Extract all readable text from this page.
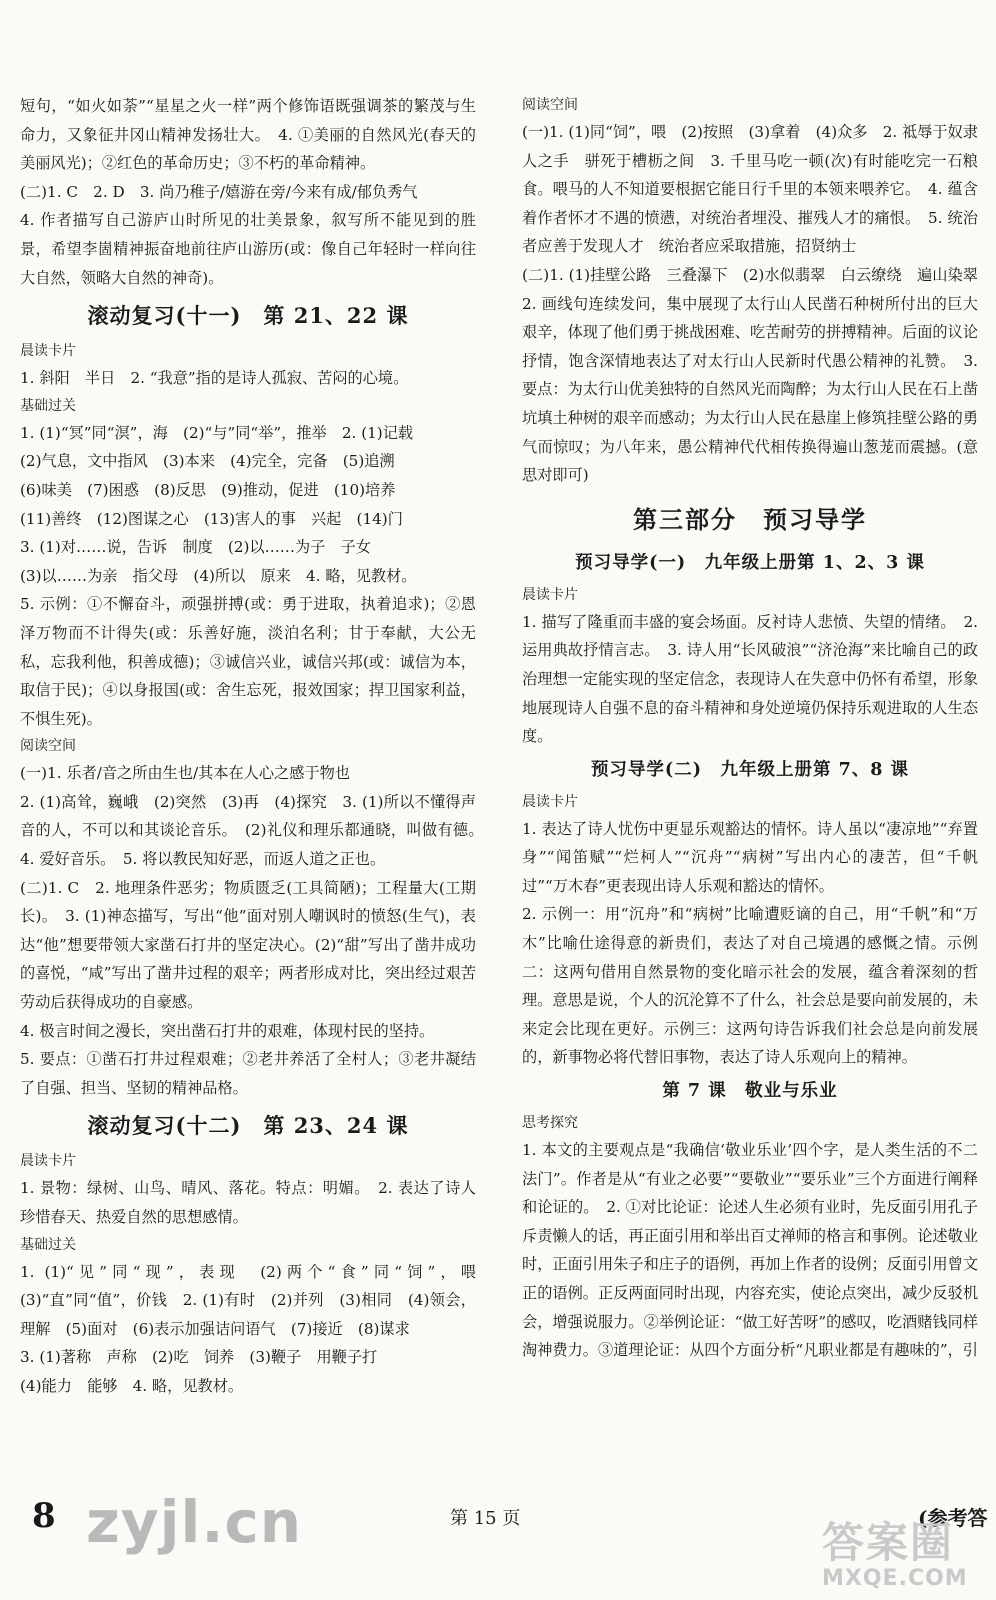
短句，“如火如荼”“星星之火一样”两个修饰语既强调茶的繁茂与生命力，又象征井冈山精神发扬壮大。　4. ①美丽的自然风光(春天的美丽风光)；②红色的革命历史；③不朽的革命精神。

(二)1. C　2. D　3. 尚乃稚子/嬉游在旁/今来有成/郁负秀气

4. 作者描写自己游庐山时所见的壮美景象，叙写所不能见到的胜景，希望李崮精神振奋地前往庐山游历(或：像自己年轻时一样向往大自然，领略大自然的神奇)。

滚动复习(十一)　第 21、22 课

晨读卡片

1. 斜阳　半日　2. “我意”指的是诗人孤寂、苦闷的心境。

基础过关

1. (1)“冥”同“溟”，海　(2)“与”同“举”，推举　2. (1)记载

(2)气息，文中指风　(3)本来　(4)完全，完备　(5)追溯

(6)味美　(7)困惑　(8)反思　(9)推动，促进　(10)培养

(11)善终　(12)图谋之心　(13)害人的事　兴起　(14)门

3. (1)对……说，告诉　制度　(2)以……为子　子女

(3)以……为亲　指父母　(4)所以　原来　4. 略，见教材。

5. 示例：①不懈奋斗，顽强拼搏(或：勇于进取，执着追求)；②恩泽万物而不计得失(或：乐善好施，淡泊名利；甘于奉献，大公无私，忘我利他，积善成德)；③诚信兴业，诚信兴邦(或：诚信为本，取信于民)；④以身报国(或：舍生忘死，报效国家；捍卫国家利益，不惧生死)。

阅读空间

(一)1. 乐者/音之所由生也/其本在人心之感于物也

2. (1)高耸，巍峨　(2)突然　(3)再　(4)探究　3. (1)所以不懂得声音的人，不可以和其谈论音乐。　(2)礼仪和理乐都通晓，叫做有德。　4. 爱好音乐。　5. 将以教民知好恶，而返人道之正也。

(二)1. C　2. 地理条件恶劣；物质匮乏(工具简陋)；工程量大(工期长)。　3. (1)神态描写，写出“他”面对别人嘲讽时的愤怒(生气)，表达“他”想要带领大家凿石打井的坚定决心。(2)“甜”写出了凿井成功的喜悦，“咸”写出了凿井过程的艰辛；两者形成对比，突出经过艰苦劳动后获得成功的自豪感。

4. 极言时间之漫长，突出凿石打井的艰难，体现村民的坚持。

5. 要点：①凿石打井过程艰难；②老井养活了全村人；③老井凝结了自强、担当、坚韧的精神品格。

滚动复习(十二)　第 23、24 课

晨读卡片

1. 景物：绿树、山鸟、晴风、落花。特点：明媚。　2. 表达了诗人珍惜春天、热爱自然的思想感情。

基础过关

1. (1)“见”同“现”，表现　(2)两个“食”同“饲”，喂　(3)“直”同“值”，价钱　2. (1)有时　(2)并列　(3)相同　(4)领会，理解　(5)面对　(6)表示加强诘问语气　(7)接近　(8)谋求

3. (1)著称　声称　(2)吃　饲养　(3)鞭子　用鞭子打

(4)能力　能够　4. 略，见教材。

阅读空间

(一)1. (1)同“饲”，喂　(2)按照　(3)拿着　(4)众多　2. 祗辱于奴隶人之手　骈死于槽枥之间　3. 千里马吃一顿(次)有时能吃完一石粮食。喂马的人不知道要根据它能日行千里的本领来喂养它。　4. 蕴含着作者怀才不遇的愤懑，对统治者埋没、摧残人才的痛恨。　5. 统治者应善于发现人才　统治者应采取措施，招贤纳士

(二)1. (1)挂壁公路　三叠瀑下　(2)水似翡翠　白云缭绕　遍山染翠　2. 画线句连续发问，集中展现了太行山人民凿石种树所付出的巨大艰辛，体现了他们勇于挑战困难、吃苦耐劳的拼搏精神。后面的议论抒情，饱含深情地表达了对太行山人民新时代愚公精神的礼赞。　3. 要点：为太行山优美独特的自然风光而陶醉；为太行山人民在石上凿坑填土种树的艰辛而感动；为太行山人民在悬崖上修筑挂壁公路的勇气而惊叹；为八年来，愚公精神代代相传换得遍山葱茏而震撼。(意思对即可)

第三部分　预习导学
预习导学(一)　九年级上册第 1、2、3 课

晨读卡片

1. 描写了隆重而丰盛的宴会场面。反衬诗人悲愤、失望的情绪。　2. 运用典故抒情言志。　3. 诗人用“长风破浪”“济沧海”来比喻自己的政治理想一定能实现的坚定信念，表现诗人在失意中仍怀有希望，形象地展现诗人自强不息的奋斗精神和身处逆境仍保持乐观进取的人生态度。

预习导学(二)　九年级上册第 7、8 课

晨读卡片

1. 表达了诗人忧伤中更显乐观豁达的情怀。诗人虽以“凄凉地”“弃置身”“闻笛赋”“烂柯人”“沉舟”“病树”写出内心的凄苦，但“千帆过”“万木春”更表现出诗人乐观和豁达的情怀。

2. 示例一：用“沉舟”和“病树”比喻遭贬谪的自己，用“千帆”和“万木”比喻仕途得意的新贵们，表达了对自己境遇的感慨之情。示例二：这两句借用自然景物的变化暗示社会的发展，蕴含着深刻的哲理。意思是说，个人的沉沦算不了什么，社会总是要向前发展的，未来定会比现在更好。示例三：这两句诗告诉我们社会总是向前发展的，新事物必将代替旧事物，表达了诗人乐观向上的精神。

第 7 课　敬业与乐业

思考探究

1. 本文的主要观点是“我确信‘敬业乐业’四个字，是人类生活的不二法门”。作者是从“有业之必要”“要敬业”“要乐业”三个方面进行阐释和论证的。　2. ①对比论证：论述人生必须有业时，先反面引用孔子斥责懒人的话，再正面引用和举出百丈禅师的格言和事例。论述敬业时，正面引用朱子和庄子的语例，再加上作者的设例；反面引用曾文正的语例。正反两面同时出现，内容充实，使论点突出，减少反驳机会，增强说服力。②举例论证：“做工好苦呀”的感叹，吃酒赌钱同样淘神费力。③道理论证：从四个方面分析“凡职业都是有趣味的”，引

8 zyjl.cn	第 15 页	(参考答
答案圈
MXQE.COM
